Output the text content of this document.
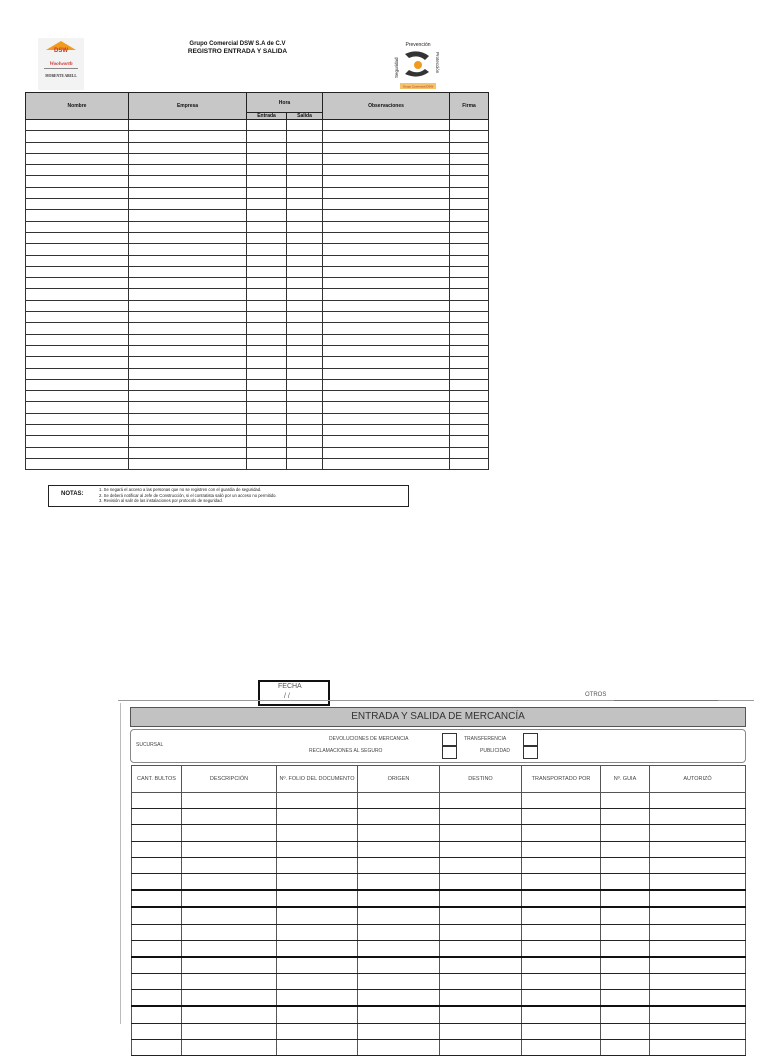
DSW
Woolworth
MORENTE ABELL
Grupo Comercial DSW S.A de C.V
REGISTRO ENTRADA Y SALIDA
Prevención
Seguridad	Protección
Grupo Comercial DSW
Nombre	Empresa	Hora		Observaciones	Firma
		Entrada	Salida		

NOTAS:
1. Se negará el acceso a las personas que no se registren con el guardia de seguridad.
2. Se deberá notificar al Jefe de Construcción, si el contratista salió por un acceso no permitido.
3. Revisión al salir de las instalaciones por protocolo de seguridad.
FECHA
/ /	OTROS
ENTRADA Y SALIDA DE MERCANCÍA
SUCURSAL
DEVOLUCIONES DE MERCANCIA
RECLAMACIONES AL SEGURO
TRANSFERENCIA
PUBLICIDAD
CANT. BULTOS	DESCRIPCIÓN	Nº. FOLIO DEL DOCUMENTO	ORIGEN	DESTINO	TRANSPORTADO POR	Nº. GUIA	AUTORIZÓ
